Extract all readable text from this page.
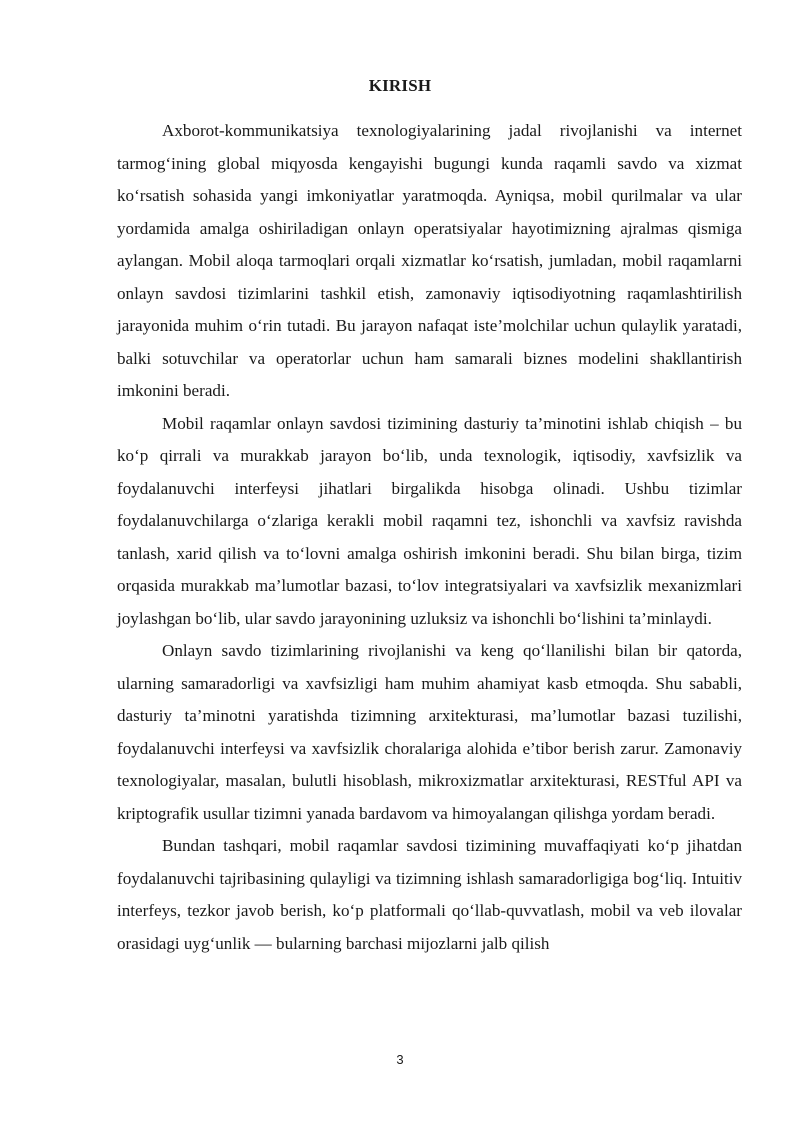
KIRISH

Axborot-kommunikatsiya texnologiyalarining jadal rivojlanishi va internet tarmog‘ining global miqyosda kengayishi bugungi kunda raqamli savdo va xizmat ko‘rsatish sohasida yangi imkoniyatlar yaratmoqda. Ayniqsa, mobil qurilmalar va ular yordamida amalga oshiriladigan onlayn operatsiyalar hayotimizning ajralmas qismiga aylangan. Mobil aloqa tarmoqlari orqali xizmatlar ko‘rsatish, jumladan, mobil raqamlarni onlayn savdosi tizimlarini tashkil etish, zamonaviy iqtisodiyotning raqamlashtirilish jarayonida muhim o‘rin tutadi. Bu jarayon nafaqat iste’molchilar uchun qulaylik yaratadi, balki sotuvchilar va operatorlar uchun ham samarali biznes modelini shakllantirish imkonini beradi.

Mobil raqamlar onlayn savdosi tizimining dasturiy ta’minotini ishlab chiqish – bu ko‘p qirrali va murakkab jarayon bo‘lib, unda texnologik, iqtisodiy, xavfsizlik va foydalanuvchi interfeysi jihatlari birgalikda hisobga olinadi. Ushbu tizimlar foydalanuvchilarga o‘zlariga kerakli mobil raqamni tez, ishonchli va xavfsiz ravishda tanlash, xarid qilish va to‘lovni amalga oshirish imkonini beradi. Shu bilan birga, tizim orqasida murakkab ma’lumotlar bazasi, to‘lov integratsiyalari va xavfsizlik mexanizmlari joylashgan bo‘lib, ular savdo jarayonining uzluksiz va ishonchli bo‘lishini ta’minlaydi.

Onlayn savdo tizimlarining rivojlanishi va keng qo‘llanilishi bilan bir qatorda, ularning samaradorligi va xavfsizligi ham muhim ahamiyat kasb etmoqda. Shu sababli, dasturiy ta’minotni yaratishda tizimning arxitekturasi, ma’lumotlar bazasi tuzilishi, foydalanuvchi interfeysi va xavfsizlik choralariga alohida e’tibor berish zarur. Zamonaviy texnologiyalar, masalan, bulutli hisoblash, mikroxizmatlar arxitekturasi, RESTful API va kriptografik usullar tizimni yanada bardavom va himoyalangan qilishga yordam beradi.

Bundan tashqari, mobil raqamlar savdosi tizimining muvaffaqiyati ko‘p jihatdan foydalanuvchi tajribasining qulayligi va tizimning ishlash samaradorligiga bog‘liq. Intuitiv interfeys, tezkor javob berish, ko‘p platformali qo‘llab-quvvatlash, mobil va veb ilovalar orasidagi uyg‘unlik — bularning barchasi mijozlarni jalb qilish

3
